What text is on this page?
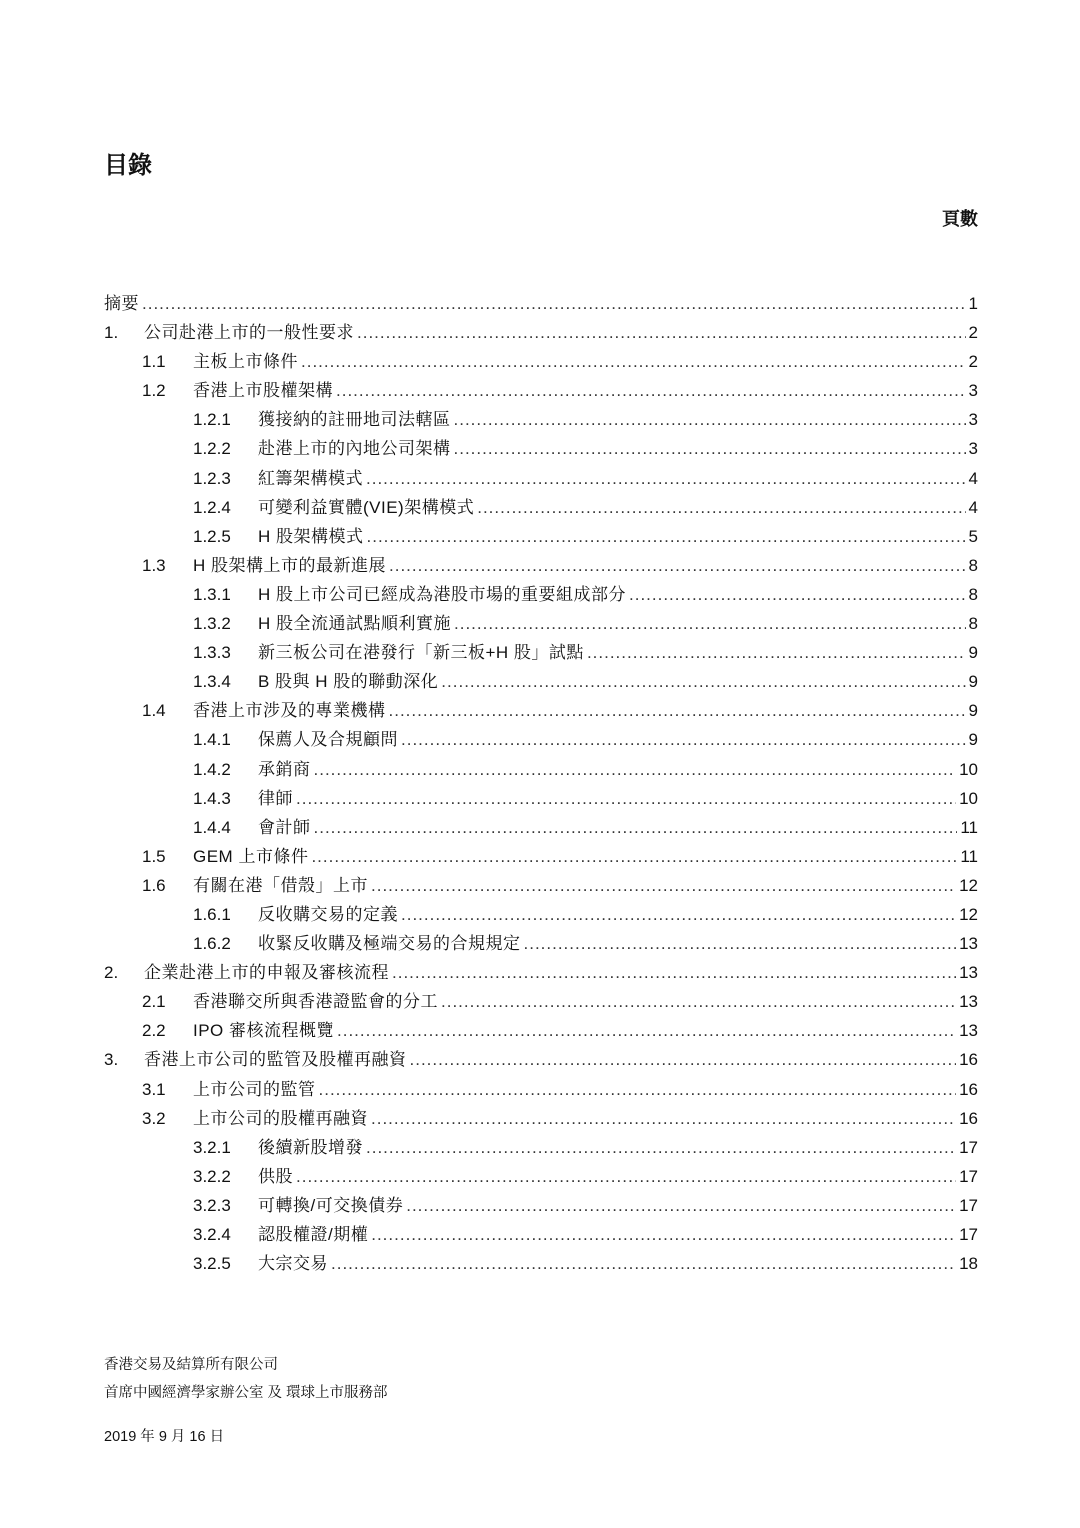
目錄
頁數
摘要 .....	1
1.	公司赴港上市的一般性要求 .....	2
1.1	主板上市條件 .....	2
1.2	香港上市股權架構 .....	3
1.2.1	獲接納的註冊地司法轄區 .....	3
1.2.2	赴港上市的內地公司架構 .....	3
1.2.3	紅籌架構模式 .....	4
1.2.4	可變利益實體(VIE)架構模式 .....	4
1.2.5	H 股架構模式 .....	5
1.3	H 股架構上市的最新進展 .....	8
1.3.1	H 股上市公司已經成為港股市場的重要組成部分 .....	8
1.3.2	H 股全流通試點順利實施 .....	8
1.3.3	新三板公司在港發行「新三板+H 股」試點 .....	9
1.3.4	B 股與 H 股的聯動深化 .....	9
1.4	香港上市涉及的專業機構 .....	9
1.4.1	保薦人及合規顧問 .....	9
1.4.2	承銷商 .....	10
1.4.3	律師 .....	10
1.4.4	會計師 .....	11
1.5	GEM 上市條件 .....	11
1.6	有關在港「借殼」上市 .....	12
1.6.1	反收購交易的定義 .....	12
1.6.2	收緊反收購及極端交易的合規規定 .....	13
2.	企業赴港上市的申報及審核流程 .....	13
2.1	香港聯交所與香港證監會的分工 .....	13
2.2	IPO 審核流程概覽 .....	13
3.	香港上市公司的監管及股權再融資 .....	16
3.1	上市公司的監管 .....	16
3.2	上市公司的股權再融資 .....	16
3.2.1	後續新股增發 .....	17
3.2.2	供股 .....	17
3.2.3	可轉換/可交換債券 .....	17
3.2.4	認股權證/期權 .....	17
3.2.5	大宗交易 .....	18
香港交易及結算所有限公司
首席中國經濟學家辦公室 及 環球上市服務部
2019 年 9 月 16 日
